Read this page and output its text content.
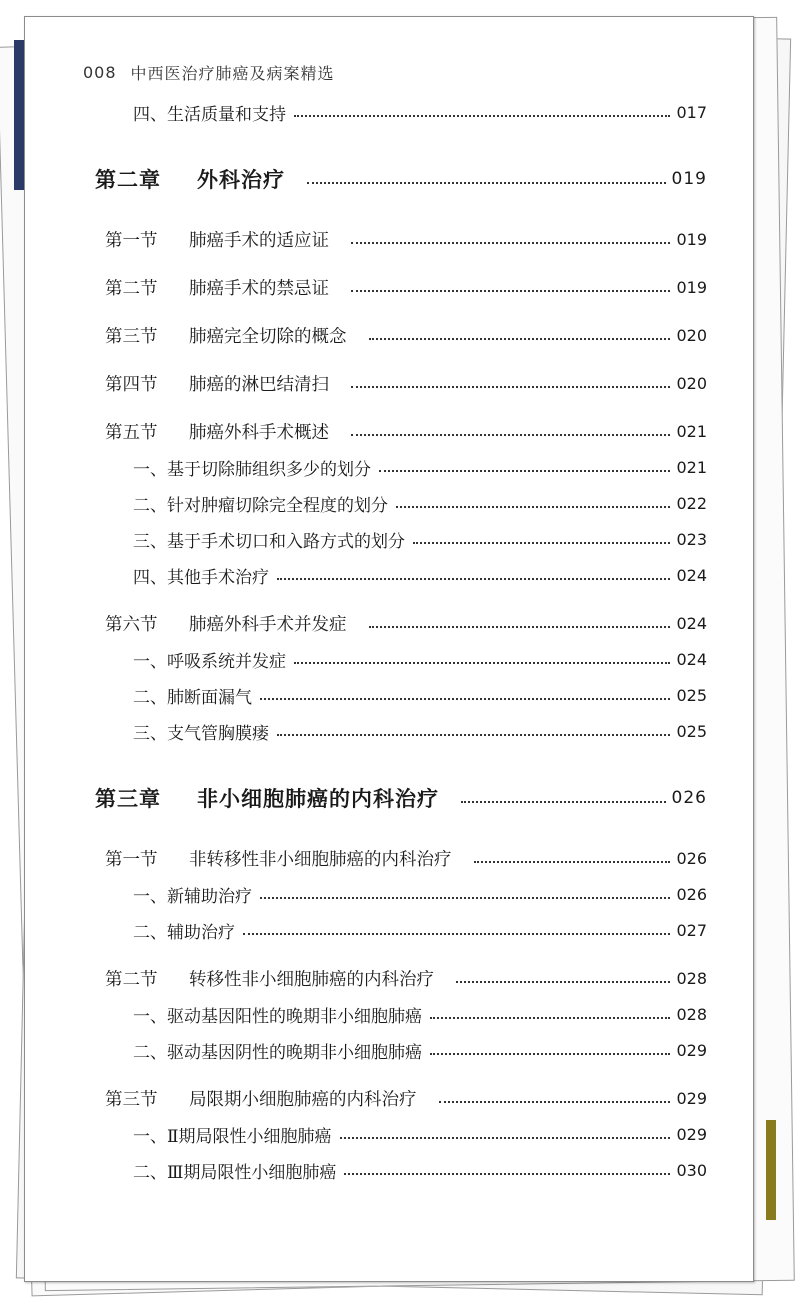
008 中西医治疗肺癌及病案精选
四、生活质量和支持	017
第二章 外科治疗	019
第一节 肺癌手术的适应证	019
第二节 肺癌手术的禁忌证	019
第三节 肺癌完全切除的概念	020
第四节 肺癌的淋巴结清扫	020
第五节 肺癌外科手术概述	021
一、基于切除肺组织多少的划分	021
二、针对肿瘤切除完全程度的划分	022
三、基于手术切口和入路方式的划分	023
四、其他手术治疗	024
第六节 肺癌外科手术并发症	024
一、呼吸系统并发症	024
二、肺断面漏气	025
三、支气管胸膜瘘	025
第三章 非小细胞肺癌的内科治疗	026
第一节 非转移性非小细胞肺癌的内科治疗	026
一、新辅助治疗	026
二、辅助治疗	027
第二节 转移性非小细胞肺癌的内科治疗	028
一、驱动基因阳性的晚期非小细胞肺癌	028
二、驱动基因阴性的晚期非小细胞肺癌	029
第三节 局限期小细胞肺癌的内科治疗	029
一、Ⅱ期局限性小细胞肺癌	029
二、Ⅲ期局限性小细胞肺癌	030
